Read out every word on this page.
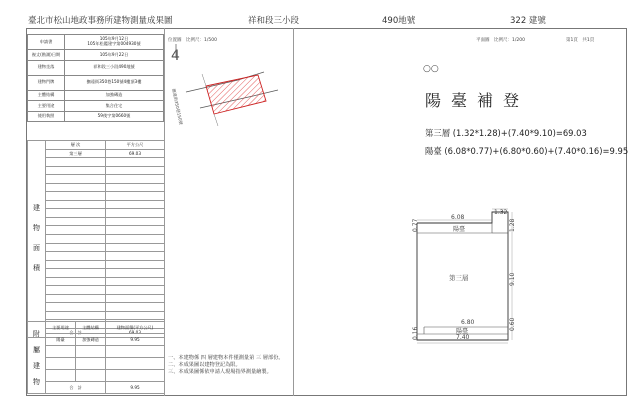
臺北市松山地政事務所建物測量成果圖	祥和段三小段	490地號	322 建號
申請書	105年9月12日
105年松鑑建字第004930號
複丈(勘測)日期	105年9月22日
建物坐落	祥和段三小段490地號
建物門牌	撫遠街350巷150號4樓頂3樓
主體結構	加強磚造
主要用途	集合住宅
使用執照	59使字第0660號
建

物

面

積	層 次	平方公尺
	第三層	69.03

	合　計	69.03
附

屬

建

物	主要用途	主體結構	建物面積(平方公尺)
	陽臺	加強磚造	9.95

	合　計		9.95
位置圖　比例尺：1/500
4
撫遠街350巷150號
平面圖　比例尺：1/200	第1頁　共1頁
○○
陽臺補登
第三層 (1.32*1.28)+(7.40*9.10)=69.03
陽臺 (6.08*0.77)+(6.80*0.60)+(7.40*0.16)=9.95
6.08
1.32
0.77	1.28
9.10
6.80	0.60
0.16	7.40
陽臺
第三層
陽臺
一、本建物係 四 層建物本件僅測量第 三 層部份。
二、本成果圖以建物登記為限。
三、本成果圖係依申請人現場指界測量繪製。
